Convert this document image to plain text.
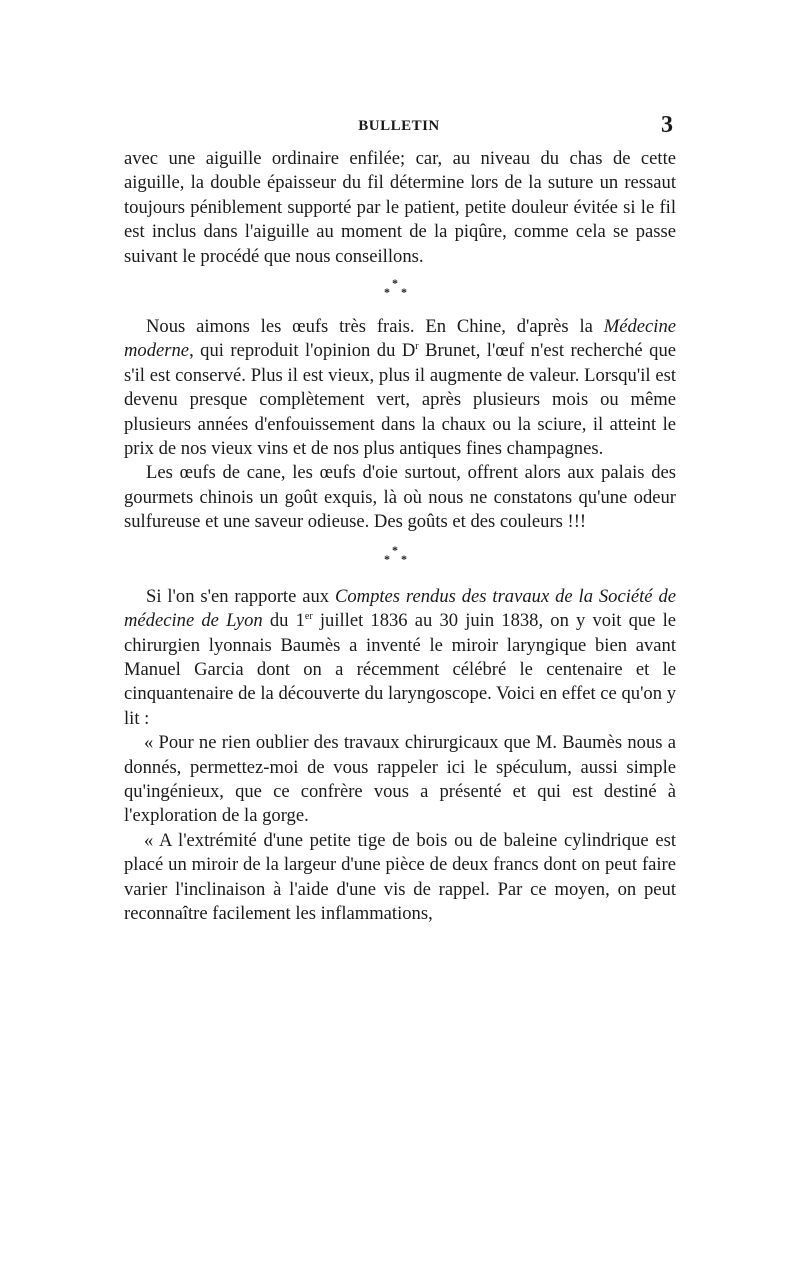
BULLETIN	3

avec une aiguille ordinaire enfilée; car, au niveau du chas de cette aiguille, la double épaisseur du fil détermine lors de la suture un ressaut toujours péniblement supporté par le patient, petite douleur évitée si le fil est inclus dans l'aiguille au moment de la piqûre, comme cela se passe suivant le procédé que nous conseillons.

*
* *

Nous aimons les œufs très frais. En Chine, d'après la Médecine moderne, qui reproduit l'opinion du $D^r$ Brunet, l'œuf n'est recherché que s'il est conservé. Plus il est vieux, plus il augmente de valeur. Lorsqu'il est devenu presque complètement vert, après plusieurs mois ou même plusieurs années d'enfouissement dans la chaux ou la sciure, il atteint le prix de nos vieux vins et de nos plus antiques fines champagnes.

Les œufs de cane, les œufs d'oie surtout, offrent alors aux palais des gourmets chinois un goût exquis, là où nous ne constatons qu'une odeur sulfureuse et une saveur odieuse. Des goûts et des couleurs !!!

*
* *

Si l'on s'en rapporte aux Comptes rendus des travaux de la Société de médecine de Lyon du 1er juillet 1836 au 30 juin 1838, on y voit que le chirurgien lyonnais Baumès a inventé le miroir laryngique bien avant Manuel Garcia dont on a récemment célébré le centenaire et le cinquantenaire de la découverte du laryngoscope. Voici en effet ce qu'on y lit :

« Pour ne rien oublier des travaux chirurgicaux que M. Baumès nous a donnés, permettez-moi de vous rappeler ici le spéculum, aussi simple qu'ingénieux, que ce confrère vous a présenté et qui est destiné à l'exploration de la gorge.

« A l'extrémité d'une petite tige de bois ou de baleine cylindrique est placé un miroir de la largeur d'une pièce de deux francs dont on peut faire varier l'inclinaison à l'aide d'une vis de rappel. Par ce moyen, on peut reconnaître facilement les inflammations,
